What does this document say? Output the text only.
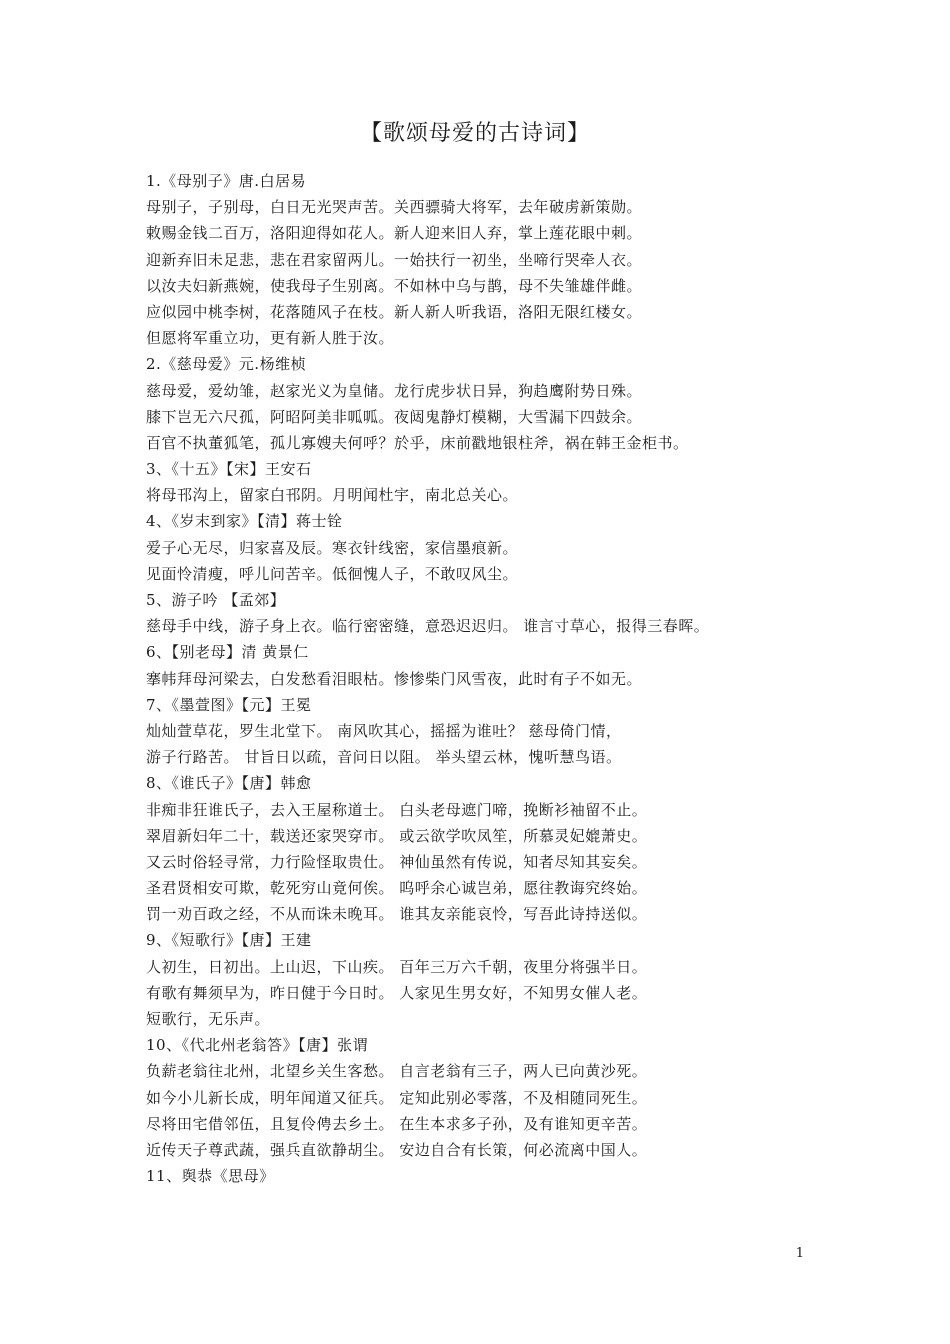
【歌颂母爱的古诗词】
1.《母别子》唐.白居易
母别子，子别母，白日无光哭声苦。关西骠骑大将军，去年破虏新策勋。
敕赐金钱二百万，洛阳迎得如花人。新人迎来旧人弃，掌上莲花眼中刺。
迎新弃旧未足悲，悲在君家留两儿。一始扶行一初坐，坐啼行哭牵人衣。
以汝夫妇新燕婉，使我母子生别离。不如林中乌与鹊，母不失雏雄伴雌。
应似园中桃李树，花落随风子在枝。新人新人听我语，洛阳无限红楼女。
但愿将军重立功，更有新人胜于汝。
2.《慈母爱》元.杨维桢
慈母爱，爱幼雏，赵家光义为皇储。龙行虎步状日异，狗趋鹰附势日殊。
膝下岂无六尺孤，阿昭阿美非呱呱。夜闼鬼静灯模糊，大雪漏下四鼓余。
百官不执董狐笔，孤儿寡嫂夫何呼？於乎，床前戳地银柱斧，祸在韩王金柜书。
3、《十五》【宋】王安石
将母邗沟上，留家白邗阴。月明闻杜宇，南北总关心。
4、《岁末到家》【清】蒋士铨
爱子心无尽，归家喜及辰。寒衣针线密，家信墨痕新。
见面怜清瘦，呼儿问苦辛。低徊愧人子，不敢叹风尘。
5、游子吟 【孟郊】
慈母手中线，游子身上衣。临行密密缝，意恐迟迟归。 谁言寸草心，报得三春晖。
6、【别老母】清 黄景仁
搴帏拜母河梁去，白发愁看泪眼枯。惨惨柴门风雪夜，此时有子不如无。
7、《墨萱图》【元】王冕
灿灿萱草花，罗生北堂下。 南风吹其心，摇摇为谁吐？ 慈母倚门情，
游子行路苦。 甘旨日以疏，音问日以阻。 举头望云林，愧听慧鸟语。
8、《谁氏子》【唐】韩愈
非痴非狂谁氏子，去入王屋称道士。 白头老母遮门啼，挽断衫袖留不止。
翠眉新妇年二十，载送还家哭穿市。 或云欲学吹凤笙，所慕灵妃媲萧史。
又云时俗轻寻常，力行险怪取贵仕。 神仙虽然有传说，知者尽知其妄矣。
圣君贤相安可欺，乾死穷山竟何俟。 呜呼余心诚岂弟，愿往教诲究终始。
罚一劝百政之经，不从而诛未晚耳。 谁其友亲能哀怜，写吾此诗持送似。
9、《短歌行》【唐】王建
人初生，日初出。上山迟，下山疾。 百年三万六千朝，夜里分将强半日。
有歌有舞须早为，昨日健于今日时。 人家见生男女好，不知男女催人老。
短歌行，无乐声。
10、《代北州老翁答》【唐】张谓
负薪老翁往北州，北望乡关生客愁。 自言老翁有三子，两人已向黄沙死。
如今小儿新长成，明年闻道又征兵。 定知此别必零落，不及相随同死生。
尽将田宅借邻伍，且复伶俜去乡土。 在生本求多子孙，及有谁知更辛苦。
近传天子尊武蔬，强兵直欲静胡尘。 安边自合有长策，何必流离中国人。
11、舆恭《思母》
1
